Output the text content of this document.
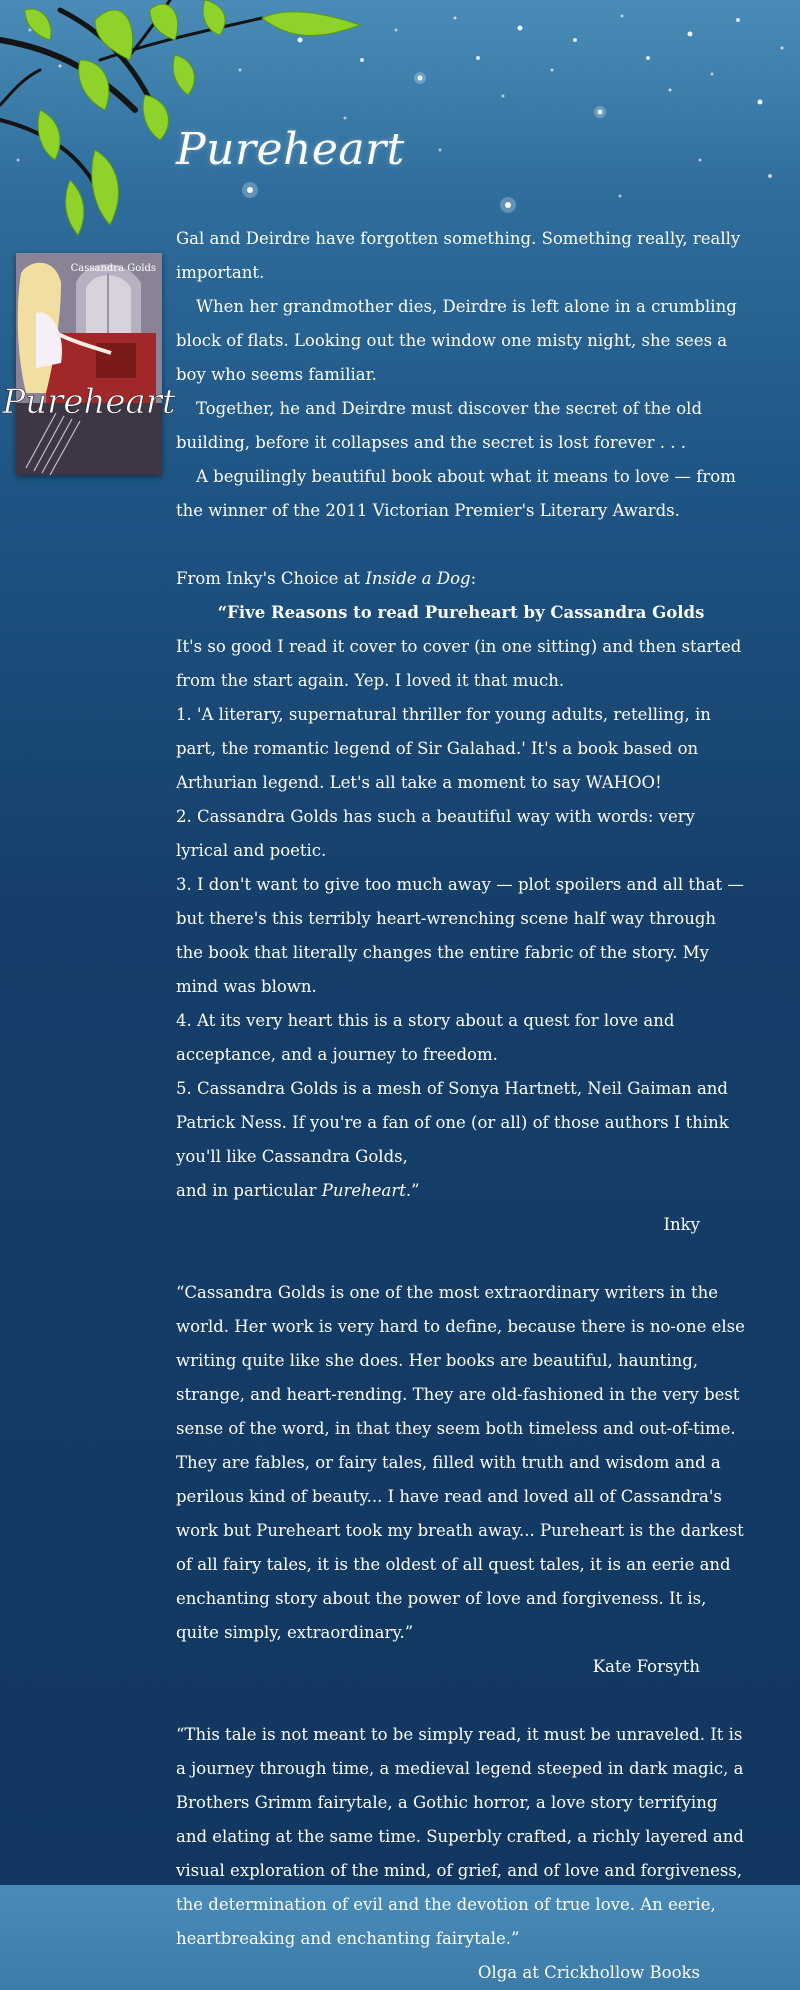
Pureheart
Cassandra Golds
Pureheart

Gal and Deirdre have forgotten something. Something really, really important.

When her grandmother dies, Deirdre is left alone in a crumbling block of flats. Looking out the window one misty night, she sees a boy who seems familiar.

Together, he and Deirdre must discover the secret of the old building, before it collapses and the secret is lost forever . . .

A beguilingly beautiful book about what it means to love — from the winner of the 2011 Victorian Premier's Literary Awards.

From Inky's Choice at Inside a Dog:

“Five Reasons to read Pureheart by Cassandra Golds

It's so good I read it cover to cover (in one sitting) and then started from the start again. Yep. I loved it that much.

1. 'A literary, supernatural thriller for young adults, retelling, in part, the romantic legend of Sir Galahad.' It's a book based on Arthurian legend. Let's all take a moment to say WAHOO!

2. Cassandra Golds has such a beautiful way with words: very lyrical and poetic.

3. I don't want to give too much away — plot spoilers and all that — but there's this terribly heart-wrenching scene half way through the book that literally changes the entire fabric of the story. My mind was blown.

4. At its very heart this is a story about a quest for love and acceptance, and a journey to freedom.

5. Cassandra Golds is a mesh of Sonya Hartnett, Neil Gaiman and Patrick Ness. If you're a fan of one (or all) of those authors I think you'll like Cassandra Golds,

and in particular Pureheart.”

Inky

“Cassandra Golds is one of the most extraordinary writers in the world. Her work is very hard to define, because there is no-one else writing quite like she does. Her books are beautiful, haunting, strange, and heart-rending. They are old-fashioned in the very best sense of the word, in that they seem both timeless and out-of-time. They are fables, or fairy tales, filled with truth and wisdom and a perilous kind of beauty... I have read and loved all of Cassandra's work but Pureheart took my breath away... Pureheart is the darkest of all fairy tales, it is the oldest of all quest tales, it is an eerie and enchanting story about the power of love and forgiveness. It is, quite simply, extraordinary.”

Kate Forsyth

“This tale is not meant to be simply read, it must be unraveled. It is a journey through time, a medieval legend steeped in dark magic, a Brothers Grimm fairytale, a Gothic horror, a love story terrifying and elating at the same time. Superbly crafted, a richly layered and visual exploration of the mind, of grief, and of love and forgiveness, the determination of evil and the devotion of true love. An eerie, heartbreaking and enchanting fairytale.”

Olga at Crickhollow Books
